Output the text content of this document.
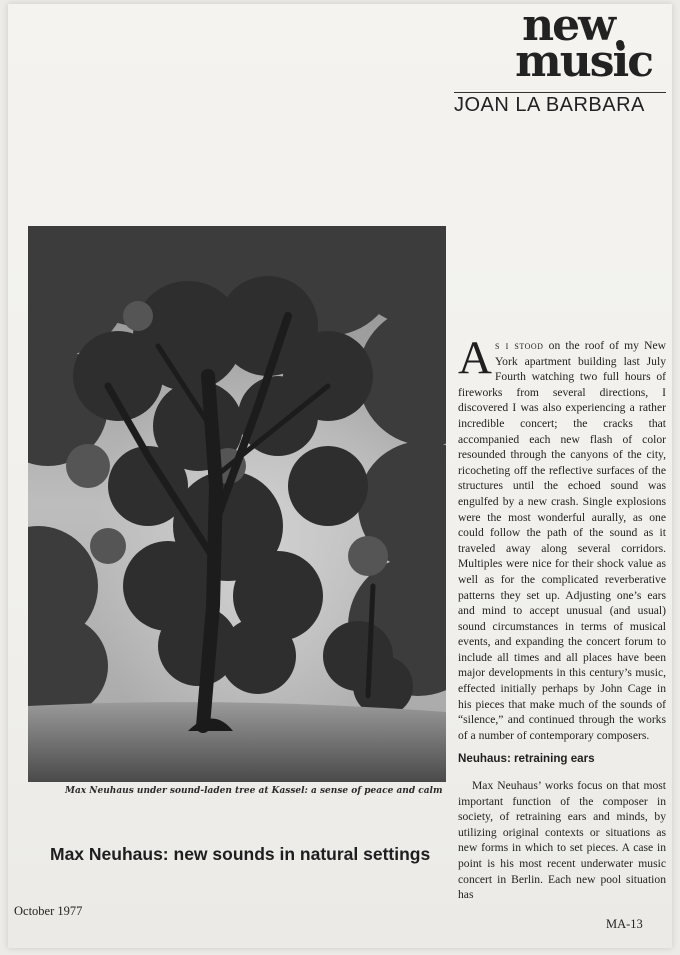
new
music
JOAN LA BARBARA
Max Neuhaus under sound-laden tree at Kassel: a sense of peace and calm
Max Neuhaus: new sounds in natural settings

As i stood on the roof of my New York apartment building last July Fourth watching two full hours of fireworks from several directions, I discovered I was also experiencing a rather incredible concert; the cracks that accompanied each new flash of color resounded through the canyons of the city, ricocheting off the reflective surfaces of the structures until the echoed sound was engulfed by a new crash. Single explosions were the most wonderful aurally, as one could follow the path of the sound as it traveled away along several corridors. Multiples were nice for their shock value as well as for the complicated reverberative patterns they set up. Adjusting one’s ears and mind to accept unusual (and usual) sound circumstances in terms of musical events, and expanding the concert forum to include all times and all places have been major developments in this century’s music, effected initially perhaps by John Cage in his pieces that make much of the sounds of “silence,” and continued through the works of a number of contemporary composers.

Neuhaus: retraining ears

Max Neuhaus’ works focus on that most important function of the composer in society, of retraining ears and minds, by utilizing original contexts or situations as new forms in which to set pieces. A case in point is his most recent underwater music concert in Berlin. Each new pool situation has

October 1977
MA-13
